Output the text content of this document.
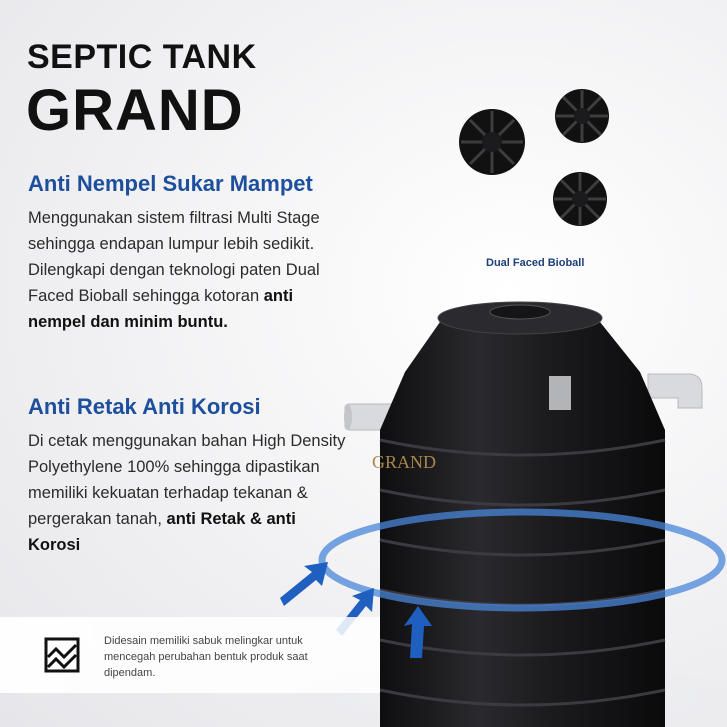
GRAND
SEPTIC TANK
GRAND
Anti Nempel Sukar Mampet
Menggunakan sistem filtrasi Multi Stage sehingga endapan lumpur lebih sedikit. Dilengkapi dengan teknologi paten Dual Faced Bioball sehingga kotoran anti nempel dan minim buntu.
Anti Retak Anti Korosi
Di cetak menggunakan bahan High Density Polyethylene 100% sehingga dipastikan memiliki kekuatan terhadap tekanan & pergerakan tanah, anti Retak & anti Korosi
Dual Faced Bioball
Didesain memiliki sabuk melingkar untuk mencegah perubahan bentuk produk saat dipendam.
